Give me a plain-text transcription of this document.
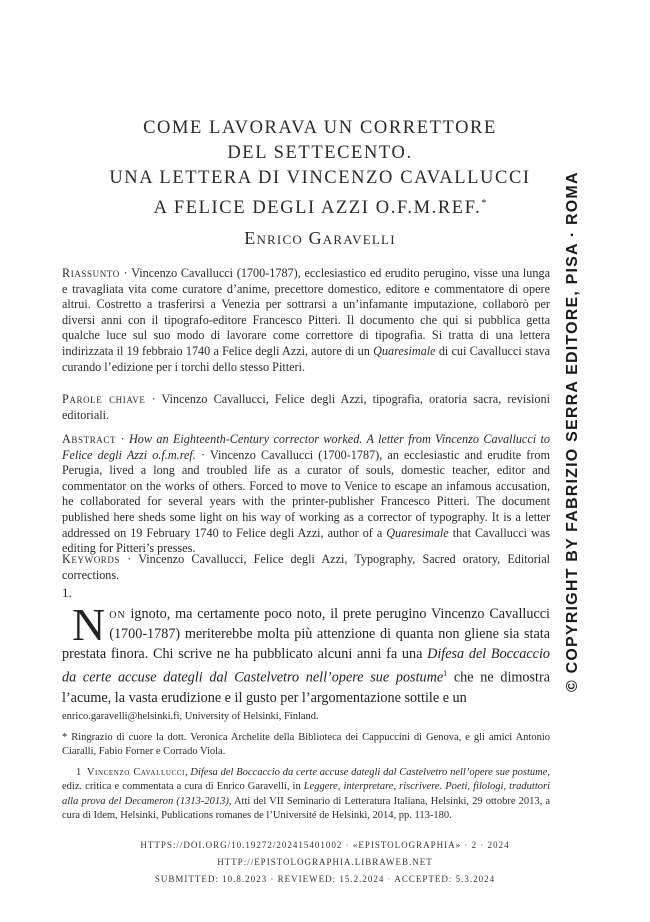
COME LAVORAVA UN CORRETTORE
DEL SETTECENTO.
UNA LETTERA DI VINCENZO CAVALLUCCI
A FELICE DEGLI AZZI O.F.M.REF.*
Enrico Garavelli
Riassunto · Vincenzo Cavallucci (1700-1787), ecclesiastico ed erudito perugino, visse una lunga e travagliata vita come curatore d’anime, precettore domestico, editore e commentatore di opere altrui. Costretto a trasferirsi a Venezia per sottrarsi a un’infamante imputazione, collaborò per diversi anni con il tipografo-editore Francesco Pitteri. Il documento che qui si pubblica getta qualche luce sul suo modo di lavorare come correttore di tipografia. Si tratta di una lettera indirizzata il 19 febbraio 1740 a Felice degli Azzi, autore di un Quaresimale di cui Cavallucci stava curando l’edizione per i torchi dello stesso Pitteri.
Parole chiave · Vincenzo Cavallucci, Felice degli Azzi, tipografia, oratoria sacra, revisioni editoriali.
Abstract · How an Eighteenth-Century corrector worked. A letter from Vincenzo Cavallucci to Felice degli Azzi o.f.m.ref. · Vincenzo Cavallucci (1700-1787), an ecclesiastic and erudite from Perugia, lived a long and troubled life as a curator of souls, domestic teacher, editor and commentator on the works of others. Forced to move to Venice to escape an infamous accusation, he collaborated for several years with the printer-publisher Francesco Pitteri. The document published here sheds some light on his way of working as a corrector of typography. It is a letter addressed on 19 February 1740 to Felice degli Azzi, author of a Quaresimale that Cavallucci was editing for Pitteri’s presses.
Keywords · Vincenzo Cavallucci, Felice degli Azzi, Typography, Sacred oratory, Editorial corrections.
1.
Non ignoto, ma certamente poco noto, il prete perugino Vincenzo Cavallucci (1700-1787) meriterebbe molta più attenzione di quanta non gliene sia stata prestata finora. Chi scrive ne ha pubblicato alcuni anni fa una Difesa del Boccaccio da certe accuse dategli dal Castelvetro nell’opere sue postume$^1$ che ne dimostra l’acume, la vasta erudizione e il gusto per l’argomentazione sottile e un
enrico.garavelli@helsinki.fi, University of Helsinki, Finland.
* Ringrazio di cuore la dott. Veronica Archelite della Biblioteca dei Cappuccini di Genova, e gli amici Antonio Ciaralli, Fabio Forner e Corrado Viola.
1 Vincenzo Cavallucci, Difesa del Boccaccio da certe accuse dategli dal Castelvetro nell’opere sue postume, ediz. critica e commentata a cura di Enrico Garavelli, in Leggere, interpretare, riscrivere. Poeti, filologi, traduttori alla prova del Decameron (1313-2013), Atti del VII Seminario di Letteratura Italiana, Helsinki, 29 ottobre 2013, a cura di Idem, Helsinki, Publications romanes de l’Université de Helsinki, 2014, pp. 113-180.
HTTPS://DOI.ORG/10.19272/202415401002 · «EPISTOLOGRAPHIA» · 2 · 2024
HTTP://EPISTOLOGRAPHIA.LIBRAWEB.NET
SUBMITTED: 10.8.2023 · REVIEWED: 15.2.2024 · ACCEPTED: 5.3.2024
© COPYRIGHT BY FABRIZIO SERRA EDITORE, PISA · ROMA
